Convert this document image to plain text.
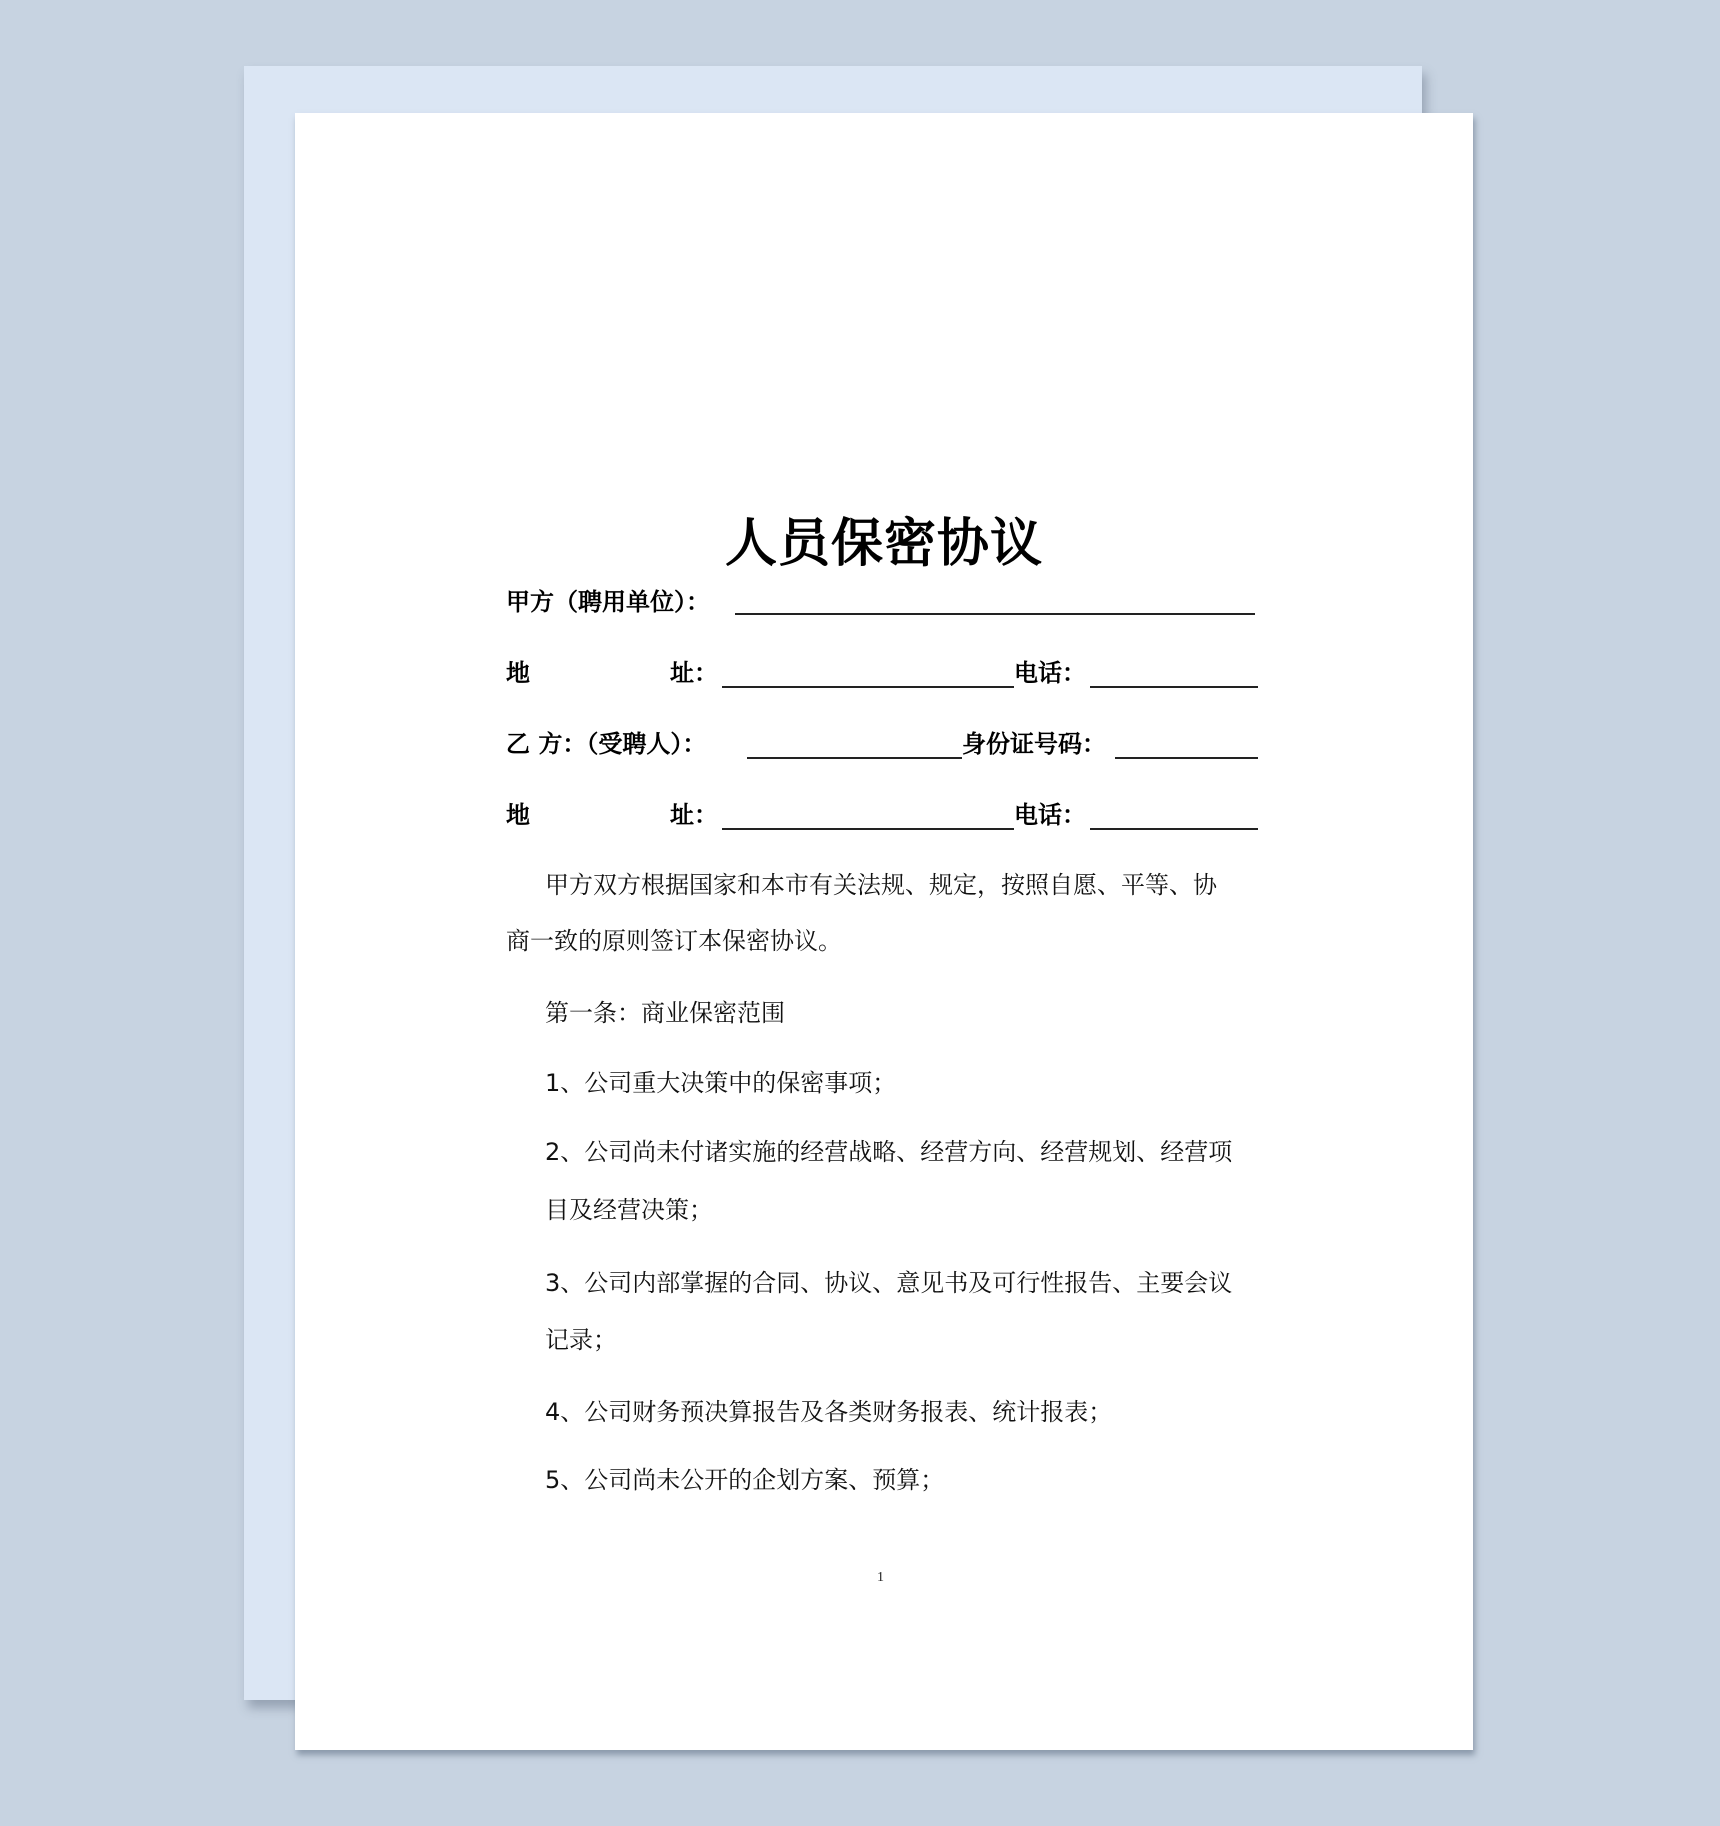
人员保密协议
甲方（聘用单位）：
地	址：	电话：
乙 方：（受聘人）：	身份证号码：
地	址：	电话：
甲方双方根据国家和本市有关法规、规定，按照自愿、平等、协
商一致的原则签订本保密协议。
第一条：商业保密范围
1、公司重大决策中的保密事项；
2、公司尚未付诸实施的经营战略、经营方向、经营规划、经营项
目及经营决策；
3、公司内部掌握的合同、协议、意见书及可行性报告、主要会议
记录；
4、公司财务预决算报告及各类财务报表、统计报表；
5、公司尚未公开的企划方案、预算；
1
